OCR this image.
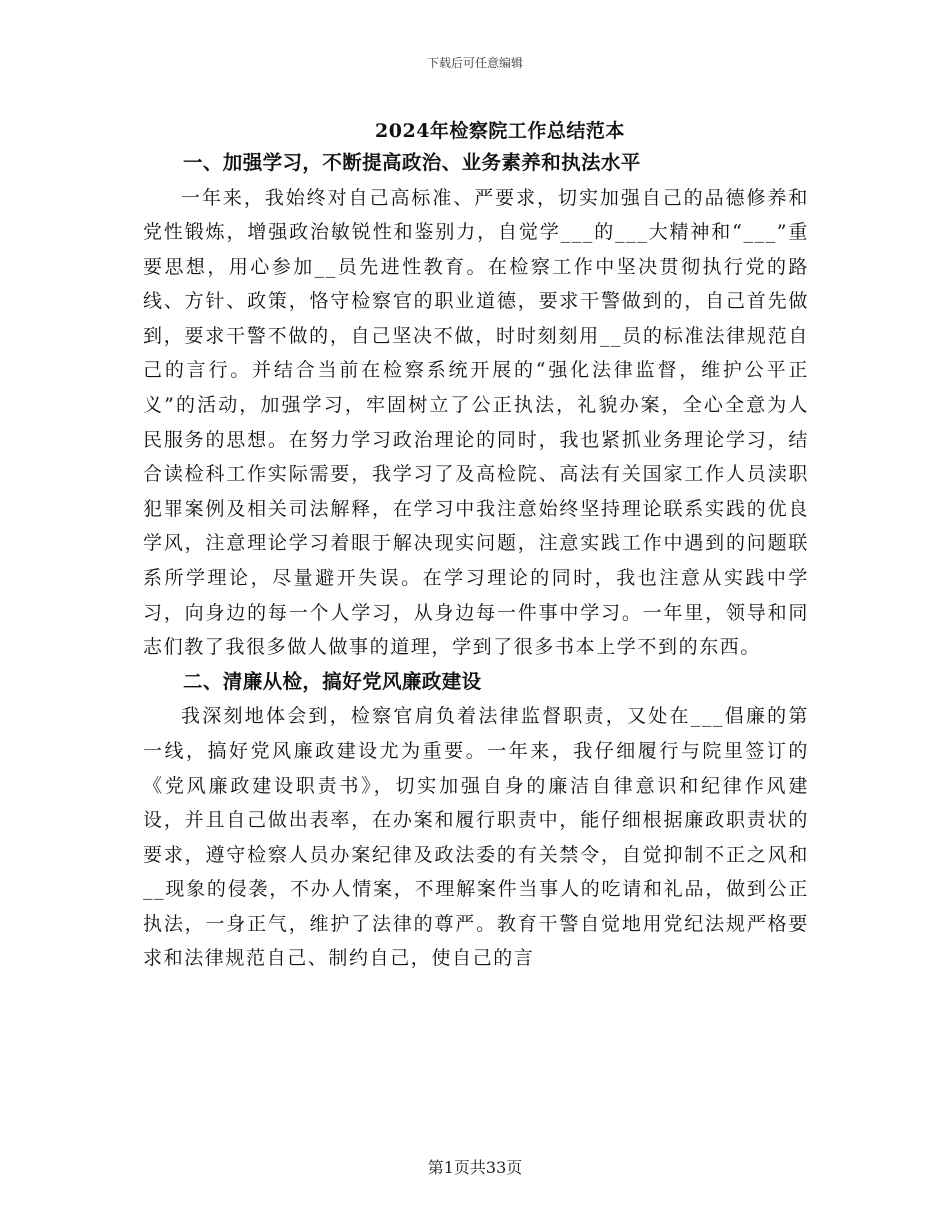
下载后可任意编辑
2024年检察院工作总结范本

一、加强学习，不断提高政治、业务素养和执法水平

一年来，我始终对自己高标准、严要求，切实加强自己的品德修养和党性锻炼，增强政治敏锐性和鉴别力，自觉学___的___大精神和“___”重要思想，用心参加__员先进性教育。在检察工作中坚决贯彻执行党的路线、方针、政策，恪守检察官的职业道德，要求干警做到的，自己首先做到，要求干警不做的，自己坚决不做，时时刻刻用__员的标准法律规范自己的言行。并结合当前在检察系统开展的“强化法律监督，维护公平正义”的活动，加强学习，牢固树立了公正执法，礼貌办案，全心全意为人民服务的思想。在努力学习政治理论的同时，我也紧抓业务理论学习，结合读检科工作实际需要，我学习了及高检院、高法有关国家工作人员渎职犯罪案例及相关司法解释，在学习中我注意始终坚持理论联系实践的优良学风，注意理论学习着眼于解决现实问题，注意实践工作中遇到的问题联系所学理论，尽量避开失误。在学习理论的同时，我也注意从实践中学习，向身边的每一个人学习，从身边每一件事中学习。一年里，领导和同志们教了我很多做人做事的道理，学到了很多书本上学不到的东西。

二、清廉从检，搞好党风廉政建设

我深刻地体会到，检察官肩负着法律监督职责，又处在___倡廉的第一线，搞好党风廉政建设尤为重要。一年来，我仔细履行与院里签订的《党风廉政建设职责书》，切实加强自身的廉洁自律意识和纪律作风建设，并且自己做出表率，在办案和履行职责中，能仔细根据廉政职责状的要求，遵守检察人员办案纪律及政法委的有关禁令，自觉抑制不正之风和__现象的侵袭，不办人情案，不理解案件当事人的吃请和礼品，做到公正执法，一身正气，维护了法律的尊严。教育干警自觉地用党纪法规严格要求和法律规范自己、制约自己，使自己的言

第1页共33页
